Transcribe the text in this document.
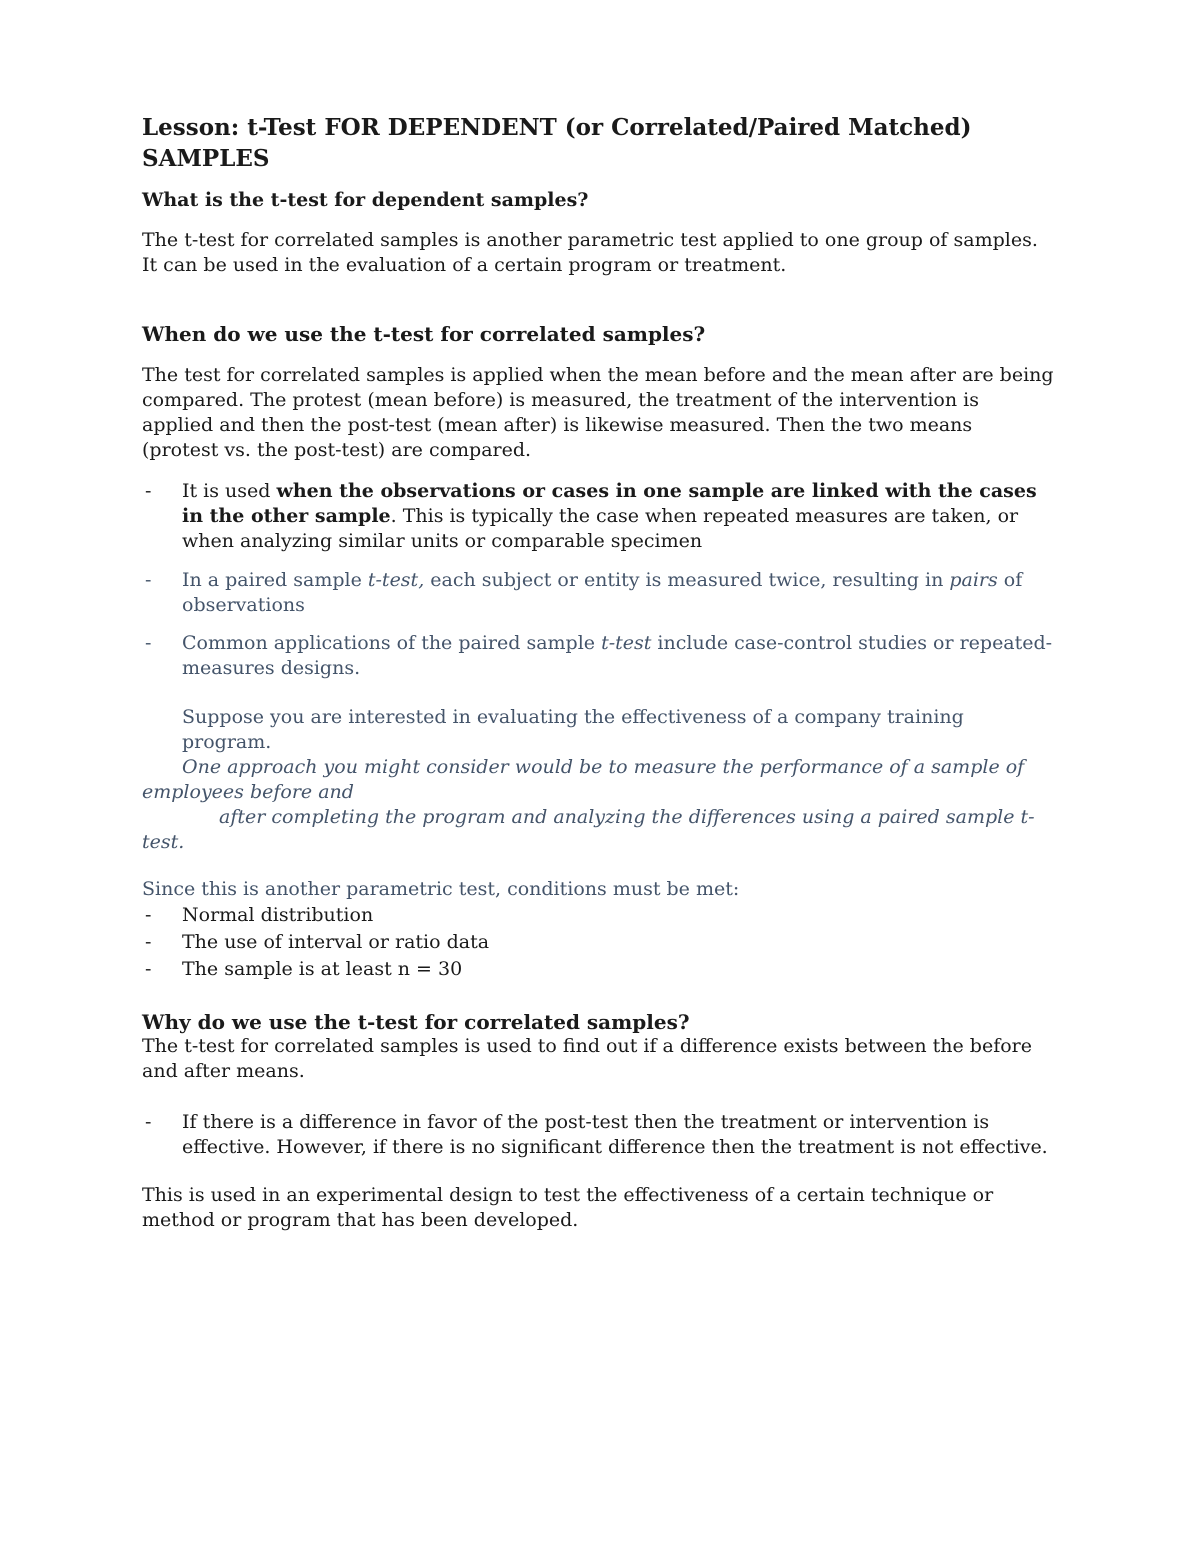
Lesson: t-Test FOR DEPENDENT (or Correlated/Paired Matched) SAMPLES
What is the t-test for dependent samples?

The t-test for correlated samples is another parametric test applied to one group of samples.
It can be used in the evaluation of a certain program or treatment.

When do we use the t-test for correlated samples?

The test for correlated samples is applied when the mean before and the mean after are being
compared. The protest (mean before) is measured, the treatment of the intervention is
applied and then the post-test (mean after) is likewise measured. Then the two means
(protest vs. the post-test) are compared.

- It is used when the observations or cases in one sample are linked with the cases
in the other sample. This is typically the case when repeated measures are taken, or
when analyzing similar units or comparable specimen
- In a paired sample t-test, each subject or entity is measured twice, resulting in pairs of
observations
- Common applications of the paired sample t-test include case-control studies or repeated-
measures designs.
Suppose you are interested in evaluating the effectiveness of a company training
program.
One approach you might consider would be to measure the performance of a sample of
employees before and
after completing the program and analyzing the differences using a paired sample t-
test.

Since this is another parametric test, conditions must be met:

- Normal distribution
- The use of interval or ratio data
- The sample is at least n = 30
Why do we use the t-test for correlated samples?

The t-test for correlated samples is used to find out if a difference exists between the before
and after means.

- If there is a difference in favor of the post-test then the treatment or intervention is
effective. However, if there is no significant difference then the treatment is not effective.

This is used in an experimental design to test the effectiveness of a certain technique or
method or program that has been developed.
